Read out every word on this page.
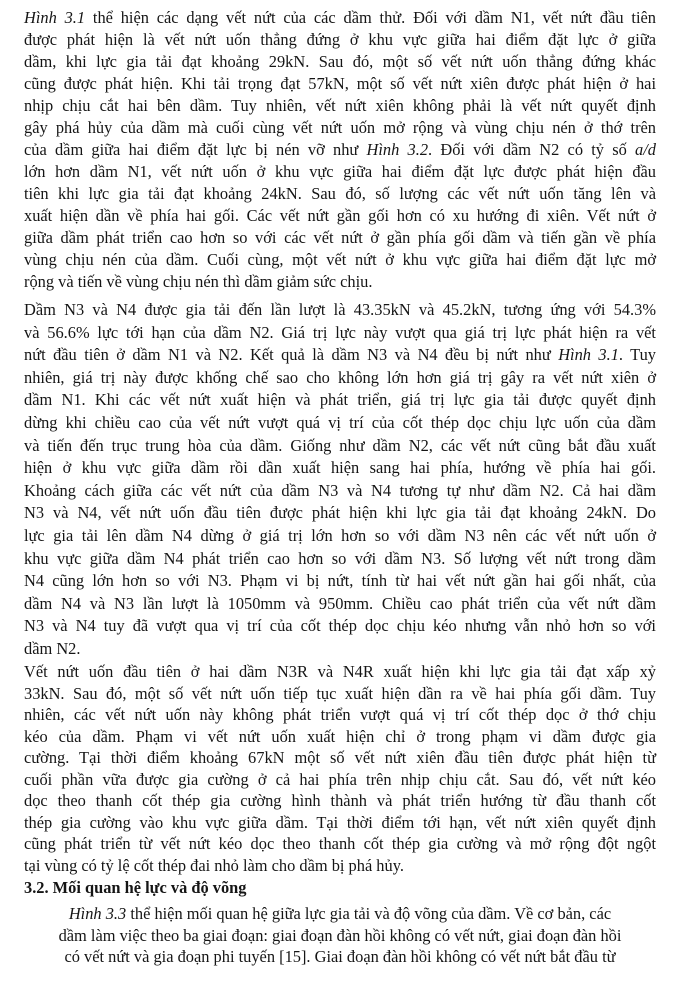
Hình 3.1 thể hiện các dạng vết nứt của các dầm thử. Đối với dầm N1, vết nứt đầu tiên
được phát hiện là vết nứt uốn thẳng đứng ở khu vực giữa hai điểm đặt lực ở giữa
dầm, khi lực gia tải đạt khoảng 29kN. Sau đó, một số vết nứt uốn thẳng đứng khác
cũng được phát hiện. Khi tải trọng đạt 57kN, một số vết nứt xiên được phát hiện ở hai
nhịp chịu cắt hai bên dầm. Tuy nhiên, vết nứt xiên không phải là vết nứt quyết định
gây phá hủy của dầm mà cuối cùng vết nứt uốn mở rộng và vùng chịu nén ở thớ trên
của dầm giữa hai điểm đặt lực bị nén vỡ như Hình 3.2. Đối với dầm N2 có tỷ số a/d
lớn hơn dầm N1, vết nứt uốn ở khu vực giữa hai điểm đặt lực được phát hiện đầu
tiên khi lực gia tải đạt khoảng 24kN. Sau đó, số lượng các vết nứt uốn tăng lên và
xuất hiện dần về phía hai gối. Các vết nứt gần gối hơn có xu hướng đi xiên. Vết nứt ở
giữa dầm phát triển cao hơn so với các vết nứt ở gần phía gối dầm và tiến gần về phía
vùng chịu nén của dầm. Cuối cùng, một vết nứt ở khu vực giữa hai điểm đặt lực mở
rộng và tiến về vùng chịu nén thì dầm giảm sức chịu.
Dầm N3 và N4 được gia tải đến lần lượt là 43.35kN và 45.2kN, tương ứng với 54.3%
và 56.6% lực tới hạn của dầm N2. Giá trị lực này vượt qua giá trị lực phát hiện ra vết
nứt đầu tiên ở dầm N1 và N2. Kết quả là dầm N3 và N4 đều bị nứt như Hình 3.1. Tuy
nhiên, giá trị này được khống chế sao cho không lớn hơn giá trị gây ra vết nứt xiên ở
dầm N1. Khi các vết nứt xuất hiện và phát triển, giá trị lực gia tải được quyết định
dừng khi chiều cao của vết nứt vượt quá vị trí của cốt thép dọc chịu lực uốn của dầm
và tiến đến trục trung hòa của dầm. Giống như dầm N2, các vết nứt cũng bắt đầu xuất
hiện ở khu vực giữa dầm rồi dần xuất hiện sang hai phía, hướng về phía hai gối.
Khoảng cách giữa các vết nứt của dầm N3 và N4 tương tự như dầm N2. Cả hai dầm
N3 và N4, vết nứt uốn đầu tiên được phát hiện khi lực gia tải đạt khoảng 24kN. Do
lực gia tải lên dầm N4 dừng ở giá trị lớn hơn so với dầm N3 nên các vết nứt uốn ở
khu vực giữa dầm N4 phát triển cao hơn so với dầm N3. Số lượng vết nứt trong dầm
N4 cũng lớn hơn so với N3. Phạm vi bị nứt, tính từ hai vết nứt gần hai gối nhất, của
dầm N4 và N3 lần lượt là 1050mm và 950mm. Chiều cao phát triển của vết nứt dầm
N3 và N4 tuy đã vượt qua vị trí của cốt thép dọc chịu kéo nhưng vẫn nhỏ hơn so với
dầm N2.
Vết nứt uốn đầu tiên ở hai dầm N3R và N4R xuất hiện khi lực gia tải đạt xấp xỷ
33kN. Sau đó, một số vết nứt uốn tiếp tục xuất hiện dần ra về hai phía gối dầm. Tuy
nhiên, các vết nứt uốn này không phát triển vượt quá vị trí cốt thép dọc ở thớ chịu
kéo của dầm. Phạm vi vết nứt uốn xuất hiện chỉ ở trong phạm vi dầm được gia
cường. Tại thời điểm khoảng 67kN một số vết nứt xiên đầu tiên được phát hiện từ
cuối phần vữa được gia cường ở cả hai phía trên nhịp chịu cắt. Sau đó, vết nứt kéo
dọc theo thanh cốt thép gia cường hình thành và phát triển hướng từ đầu thanh cốt
thép gia cường vào khu vực giữa dầm. Tại thời điểm tới hạn, vết nứt xiên quyết định
cũng phát triển từ vết nứt kéo dọc theo thanh cốt thép gia cường và mở rộng đột ngột
tại vùng có tỷ lệ cốt thép đai nhỏ làm cho dầm bị phá hủy.
3.2. Mối quan hệ lực và độ võng
Hình 3.3 thể hiện mối quan hệ giữa lực gia tải và độ võng của dầm. Về cơ bản, các
dầm làm việc theo ba giai đoạn: giai đoạn đàn hồi không có vết nứt, giai đoạn đàn hồi
có vết nứt và gia đoạn phi tuyến [15]. Giai đoạn đàn hồi không có vết nứt bắt đầu từ
